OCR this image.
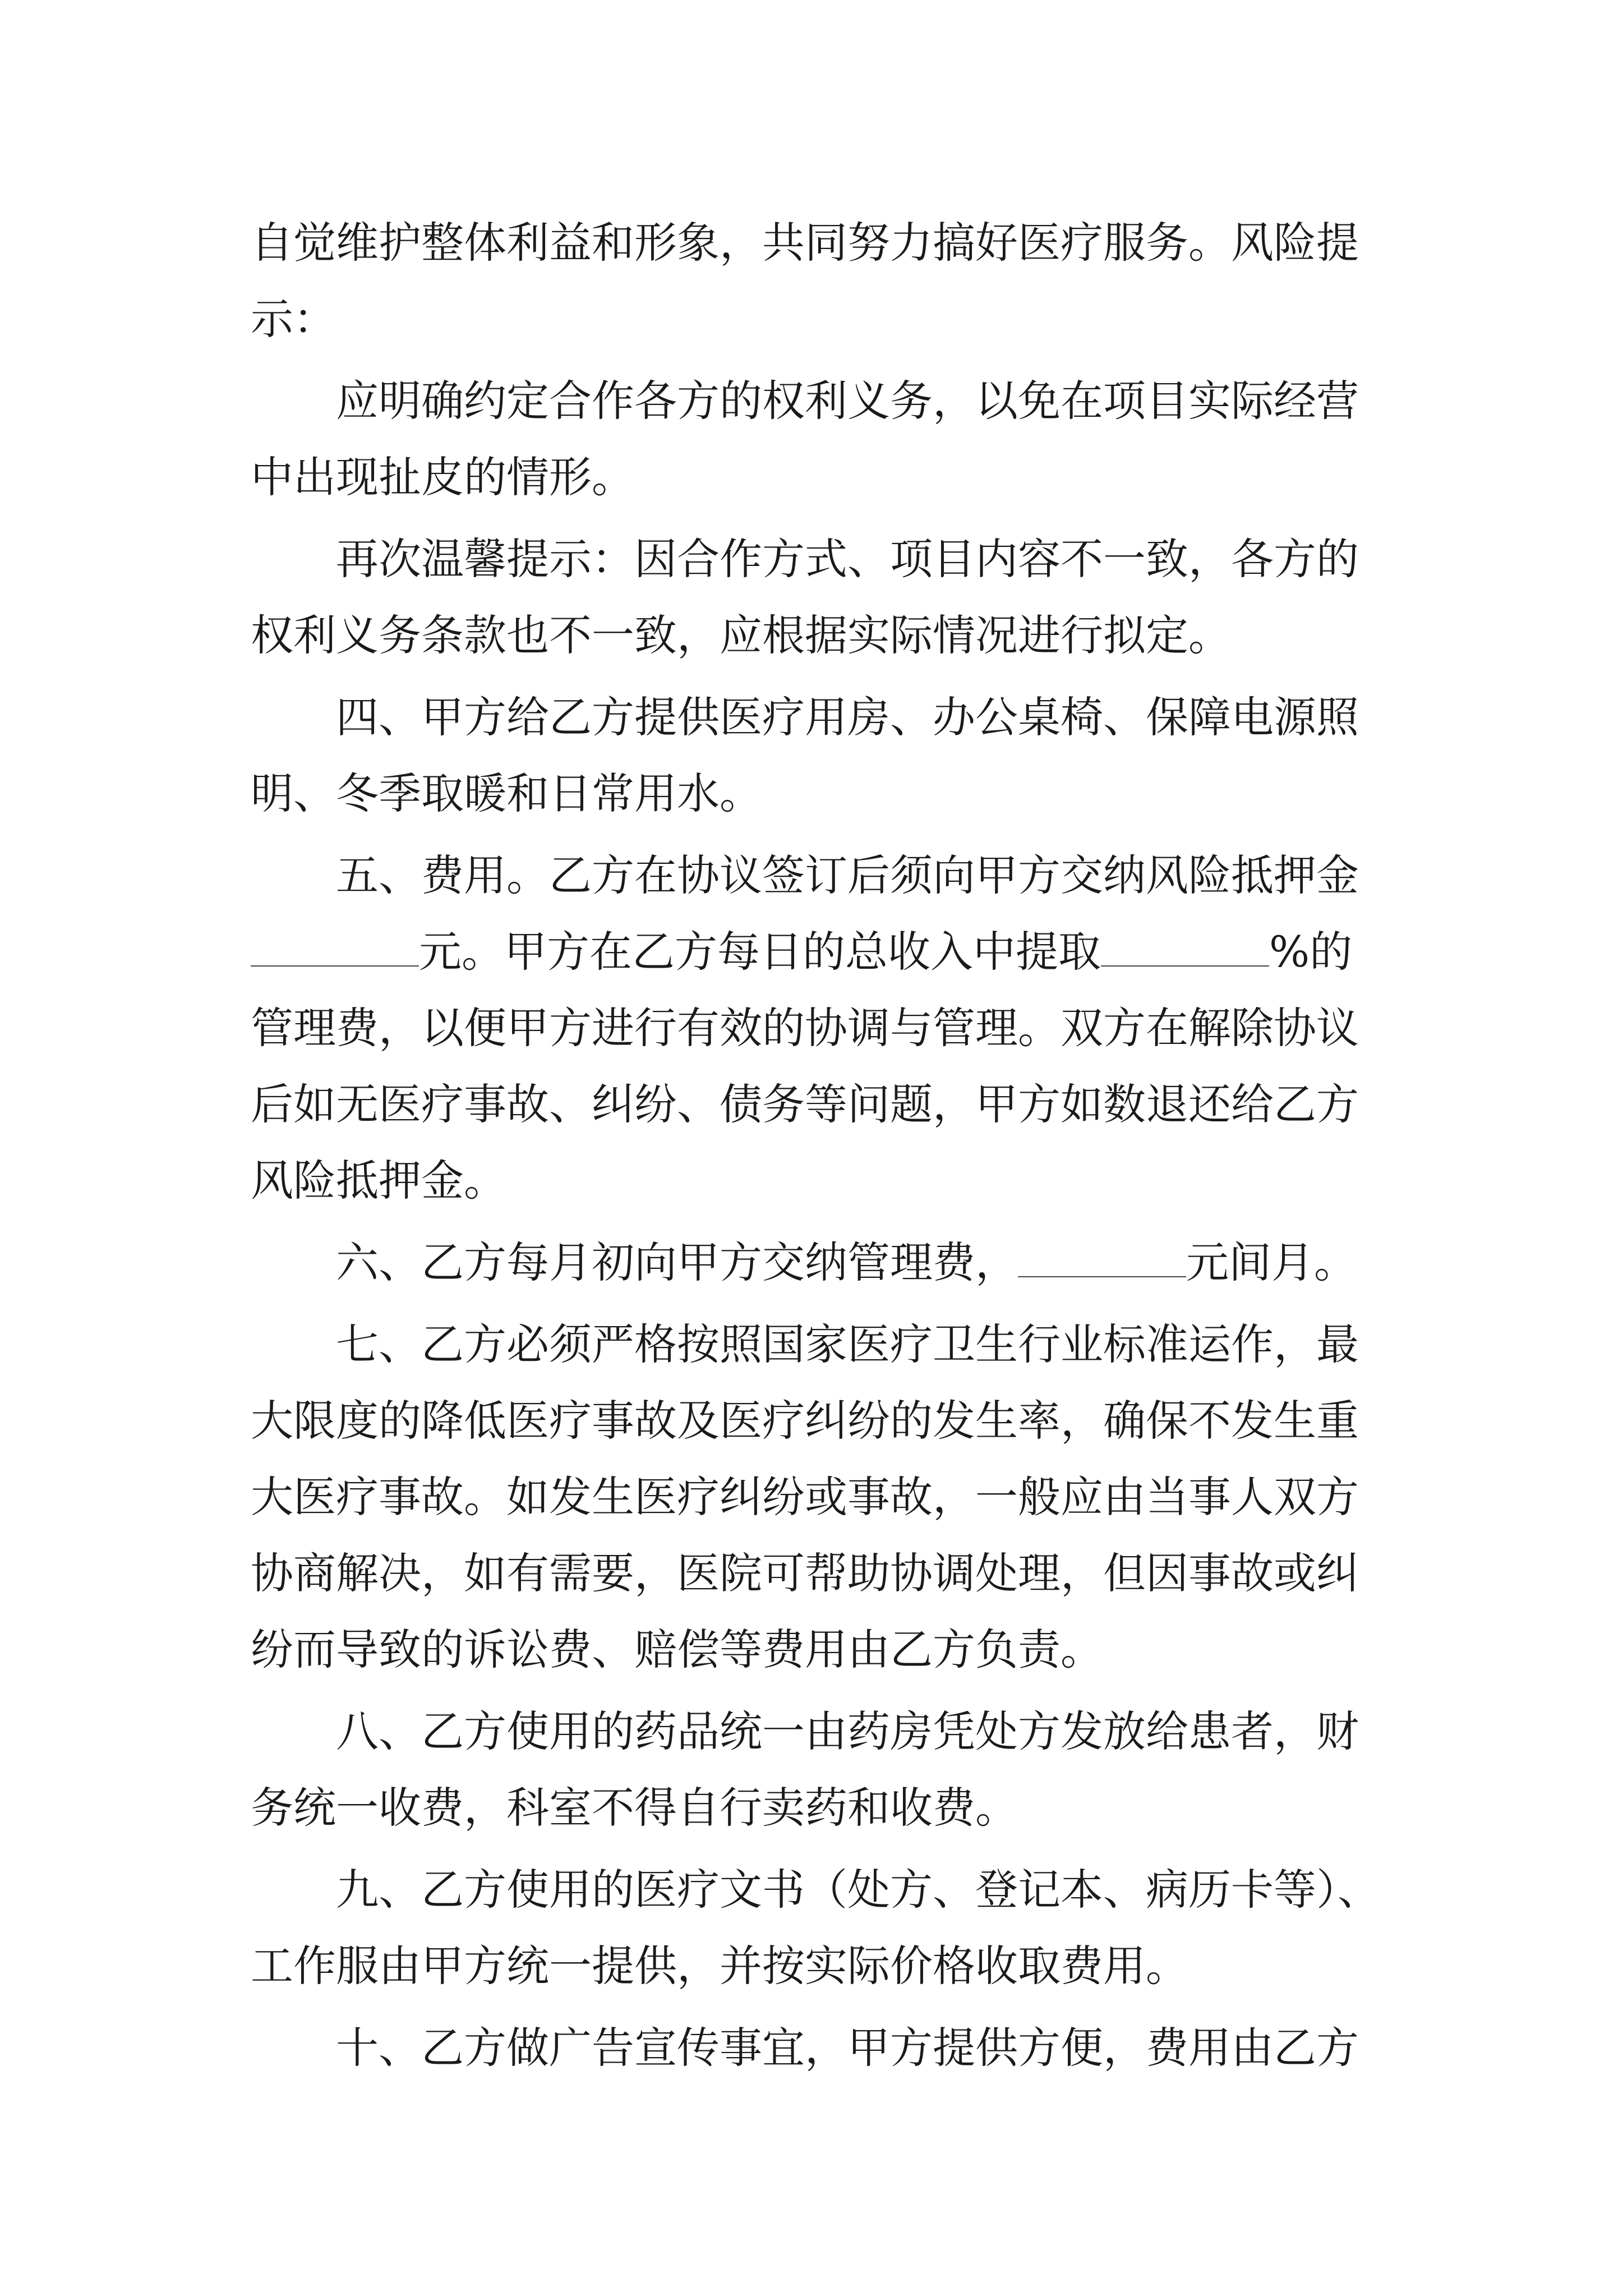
自觉维护整体利益和形象，共同努力搞好医疗服务。风险提示：

应明确约定合作各方的权利义务，以免在项目实际经营中出现扯皮的情形。

再次温馨提示：因合作方式、项目内容不一致，各方的权利义务条款也不一致，应根据实际情况进行拟定。

四、甲方给乙方提供医疗用房、办公桌椅、保障电源照明、冬季取暖和日常用水。

五、费用。乙方在协议签订后须向甲方交纳风险抵押金
元。甲方在乙方每日的总收入中提取	%的管理费，以便甲方进行有效的协调与管理。双方在解除协议后如无医疗事故、纠纷、债务等问题，甲方如数退还给乙方风险抵押金。

六、乙方每月初向甲方交纳管理费，	元间月。

七、乙方必须严格按照国家医疗卫生行业标准运作，最大限度的降低医疗事故及医疗纠纷的发生率，确保不发生重大医疗事故。如发生医疗纠纷或事故，一般应由当事人双方协商解决，如有需要，医院可帮助协调处理，但因事故或纠纷而导致的诉讼费、赔偿等费用由乙方负责。

八、乙方使用的药品统一由药房凭处方发放给患者，财务统一收费，科室不得自行卖药和收费。

九、乙方使用的医疗文书（处方、登记本、病历卡等）、工作服由甲方统一提供，并按实际价格收取费用。

十、乙方做广告宣传事宜，甲方提供方便，费用由乙方
